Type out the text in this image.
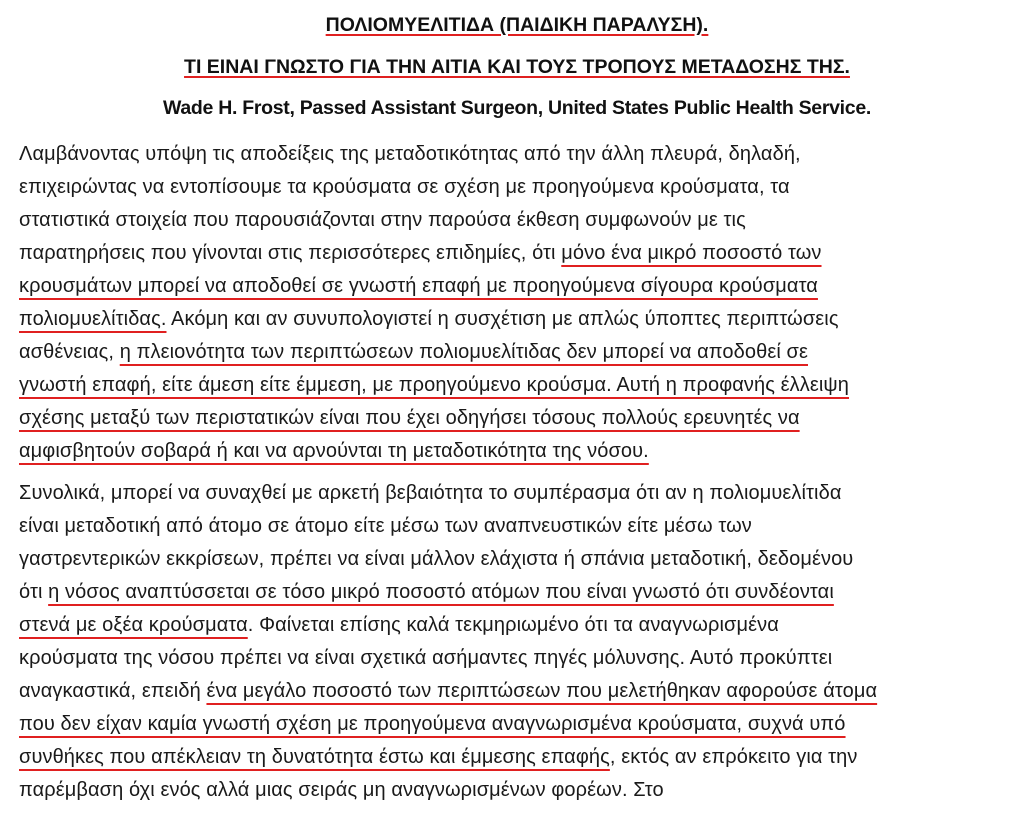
ΠΟΛΙΟΜΥΕΛΙΤΙΔΑ (ΠΑΙΔΙΚΗ ΠΑΡΑΛΥΣΗ).
ΤΙ ΕΙΝΑΙ ΓΝΩΣΤΟ ΓΙΑ ΤΗΝ ΑΙΤΙΑ ΚΑΙ ΤΟΥΣ ΤΡΟΠΟΥΣ ΜΕΤΑΔΟΣΗΣ ΤΗΣ.
Wade H. Frost, Passed Assistant Surgeon, United States Public Health Service.
Λαμβάνοντας υπόψη τις αποδείξεις της μεταδοτικότητας από την άλλη πλευρά, δηλαδή,
επιχειρώντας να εντοπίσουμε τα κρούσματα σε σχέση με προηγούμενα κρούσματα, τα
στατιστικά στοιχεία που παρουσιάζονται στην παρούσα έκθεση συμφωνούν με τις
παρατηρήσεις που γίνονται στις περισσότερες επιδημίες, ότι μόνο ένα μικρό ποσοστό των
κρουσμάτων μπορεί να αποδοθεί σε γνωστή επαφή με προηγούμενα σίγουρα κρούσματα
πολιομυελίτιδας. Ακόμη και αν συνυπολογιστεί η συσχέτιση με απλώς ύποπτες περιπτώσεις
ασθένειας, η πλειονότητα των περιπτώσεων πολιομυελίτιδας δεν μπορεί να αποδοθεί σε
γνωστή επαφή, είτε άμεση είτε έμμεση, με προηγούμενο κρούσμα. Αυτή η προφανής έλλειψη
σχέσης μεταξύ των περιστατικών είναι που έχει οδηγήσει τόσους πολλούς ερευνητές να
αμφισβητούν σοβαρά ή και να αρνούνται τη μεταδοτικότητα της νόσου.
Συνολικά, μπορεί να συναχθεί με αρκετή βεβαιότητα το συμπέρασμα ότι αν η πολιομυελίτιδα
είναι μεταδοτική από άτομο σε άτομο είτε μέσω των αναπνευστικών είτε μέσω των
γαστρεντερικών εκκρίσεων, πρέπει να είναι μάλλον ελάχιστα ή σπάνια μεταδοτική, δεδομένου
ότι η νόσος αναπτύσσεται σε τόσο μικρό ποσοστό ατόμων που είναι γνωστό ότι συνδέονται
στενά με οξέα κρούσματα. Φαίνεται επίσης καλά τεκμηριωμένο ότι τα αναγνωρισμένα
κρούσματα της νόσου πρέπει να είναι σχετικά ασήμαντες πηγές μόλυνσης. Αυτό προκύπτει
αναγκαστικά, επειδή ένα μεγάλο ποσοστό των περιπτώσεων που μελετήθηκαν αφορούσε άτομα
που δεν είχαν καμία γνωστή σχέση με προηγούμενα αναγνωρισμένα κρούσματα, συχνά υπό
συνθήκες που απέκλειαν τη δυνατότητα έστω και έμμεσης επαφής, εκτός αν επρόκειτο για την
παρέμβαση όχι ενός αλλά μιας σειράς μη αναγνωρισμένων φορέων. Στο
